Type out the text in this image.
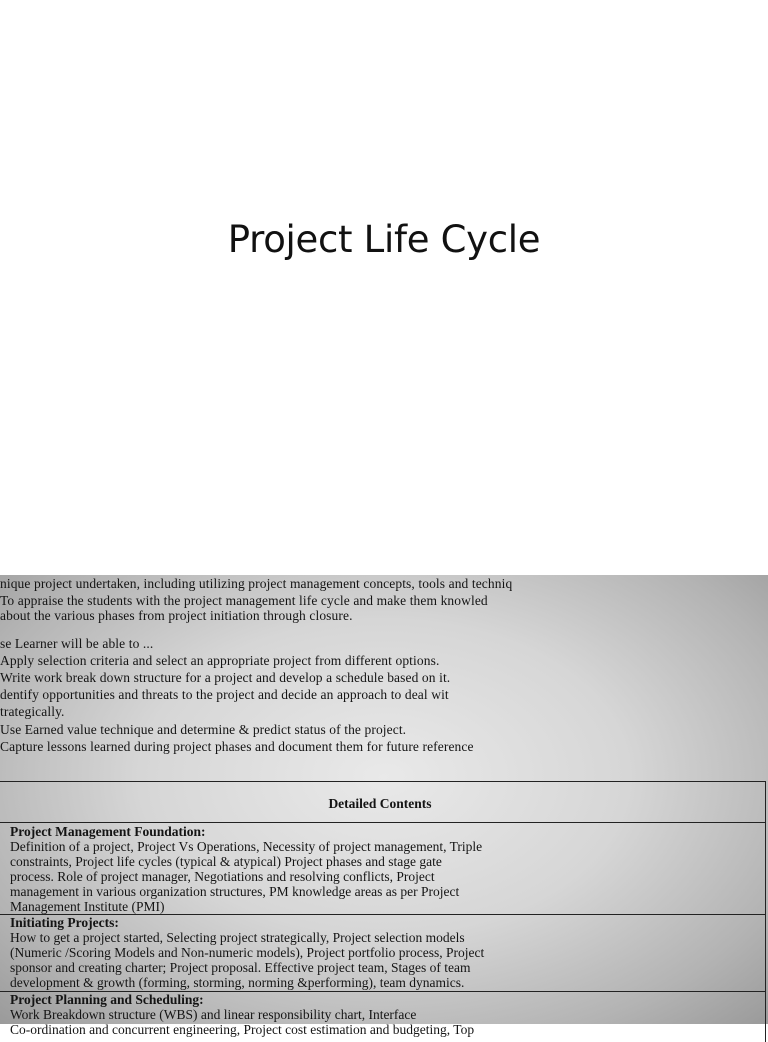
Project Life Cycle
nique project undertaken, including utilizing project management concepts, tools and techniq
To appraise the students with the project management life cycle and make them knowled
about the various phases from project initiation through closure.
se Learner will be able to ...
Apply selection criteria and select an appropriate project from different options.
Write work break down structure for a project and develop a schedule based on it.
dentify opportunities and threats to the project and decide an approach to deal wit
trategically.
Use Earned value technique and determine & predict status of the project.
Capture lessons learned during project phases and document them for future reference
Detailed Contents
Project Management Foundation:
Definition of a project, Project Vs Operations, Necessity of project management, Triple
constraints, Project life cycles (typical & atypical) Project phases and stage gate
process. Role of project manager, Negotiations and resolving conflicts, Project
management in various organization structures, PM knowledge areas as per Project
Management Institute (PMI)
Initiating Projects:
How to get a project started, Selecting project strategically, Project selection models
(Numeric /Scoring Models and Non-numeric models), Project portfolio process, Project
sponsor and creating charter; Project proposal. Effective project team, Stages of team
development & growth (forming, storming, norming &performing), team dynamics.
Project Planning and Scheduling:
Work Breakdown structure (WBS) and linear responsibility chart, Interface
Co-ordination and concurrent engineering, Project cost estimation and budgeting, Top
